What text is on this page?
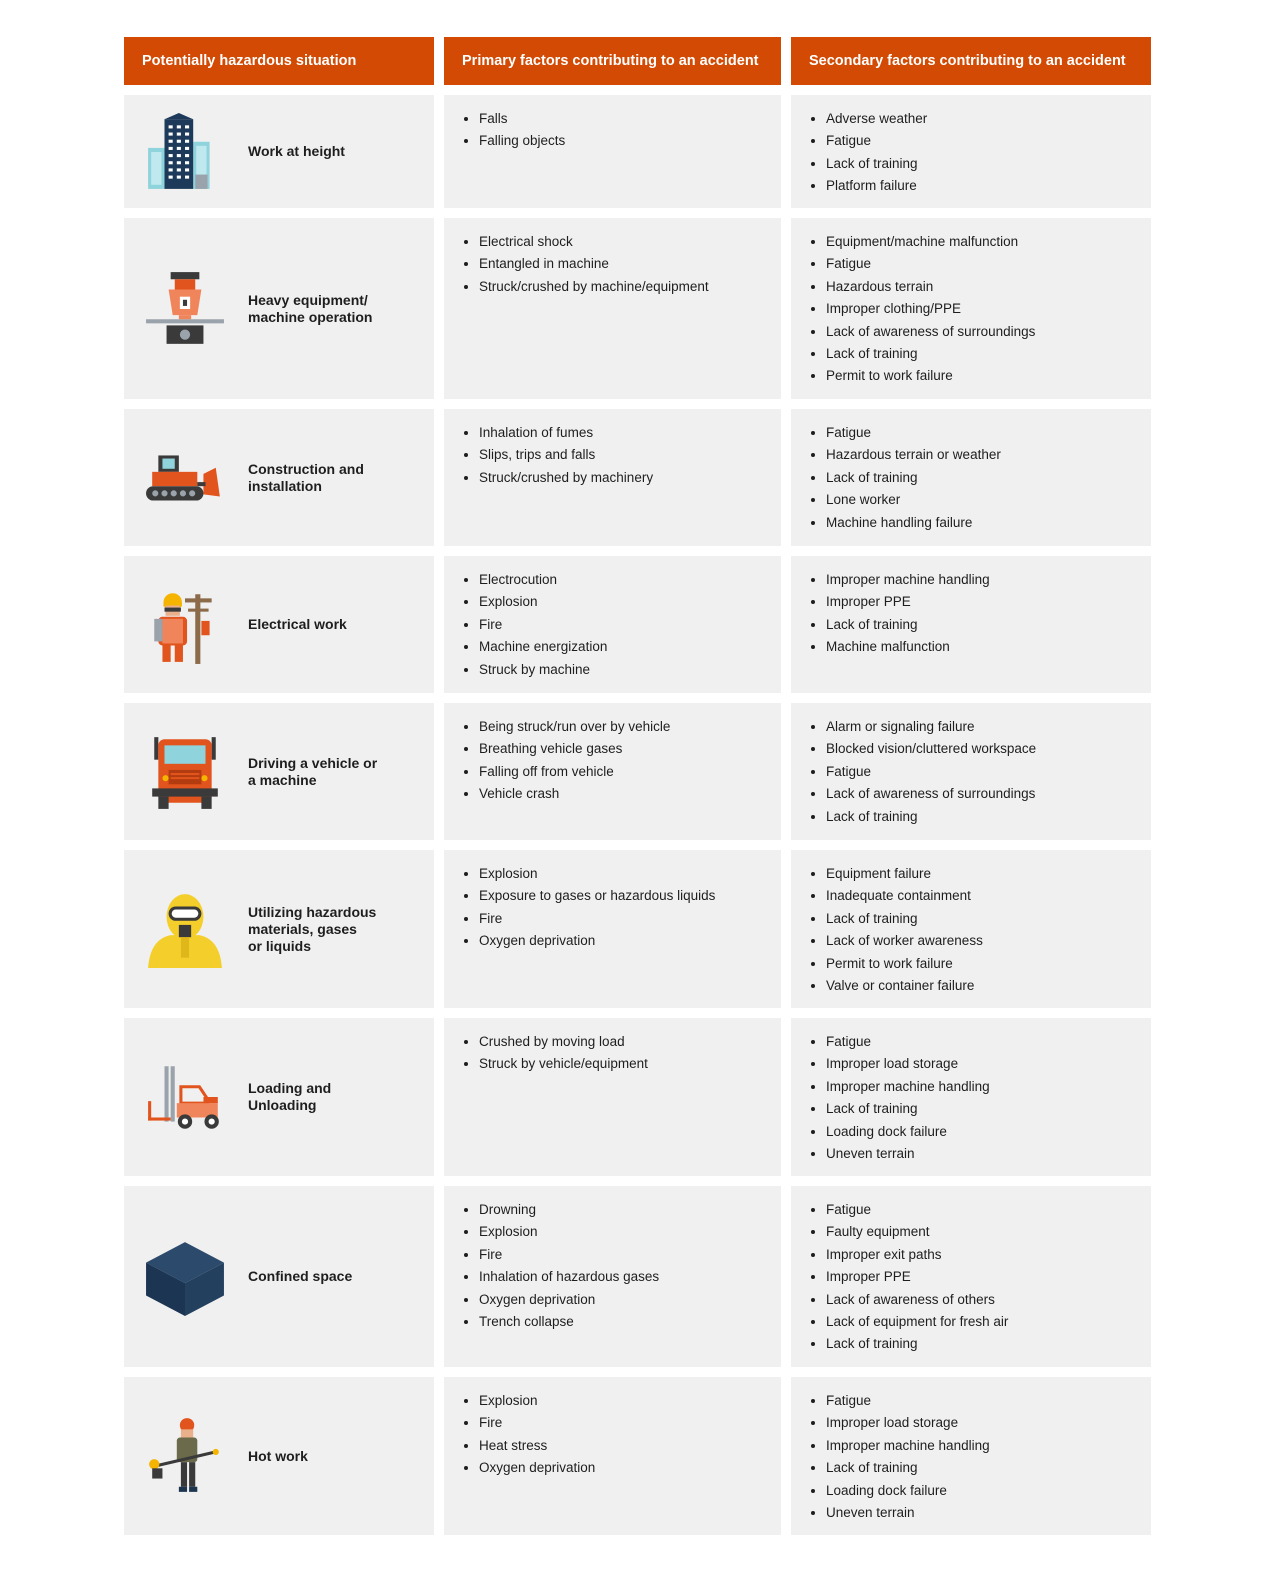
Potentially hazardous situation	Primary factors contributing to an accident	Secondary factors contributing to an accident
Work at height
Falls
Falling objects
Adverse weather
Fatigue
Lack of training
Platform failure
Heavy equipment/
machine operation
Electrical shock
Entangled in machine
Struck/crushed by machine/equipment
Equipment/machine malfunction
Fatigue
Hazardous terrain
Improper clothing/PPE
Lack of awareness of surroundings
Lack of training
Permit to work failure
Construction and
installation
Inhalation of fumes
Slips, trips and falls
Struck/crushed by machinery
Fatigue
Hazardous terrain or weather
Lack of training
Lone worker
Machine handling failure
Electrical work
Electrocution
Explosion
Fire
Machine energization
Struck by machine
Improper machine handling
Improper PPE
Lack of training
Machine malfunction
Driving a vehicle or
a machine
Being struck/run over by vehicle
Breathing vehicle gases
Falling off from vehicle
Vehicle crash
Alarm or signaling failure
Blocked vision/cluttered workspace
Fatigue
Lack of awareness of surroundings
Lack of training
Utilizing hazardous
materials, gases
or liquids
Explosion
Exposure to gases or hazardous liquids
Fire
Oxygen deprivation
Equipment failure
Inadequate containment
Lack of training
Lack of worker awareness
Permit to work failure
Valve or container failure
Loading and Unloading
Crushed by moving load
Struck by vehicle/equipment
Fatigue
Improper load storage
Improper machine handling
Lack of training
Loading dock failure
Uneven terrain
Confined space
Drowning
Explosion
Fire
Inhalation of hazardous gases
Oxygen deprivation
Trench collapse
Fatigue
Faulty equipment
Improper exit paths
Improper PPE
Lack of awareness of others
Lack of equipment for fresh air
Lack of training
Hot work
Explosion
Fire
Heat stress
Oxygen deprivation
Fatigue
Improper load storage
Improper machine handling
Lack of training
Loading dock failure
Uneven terrain
